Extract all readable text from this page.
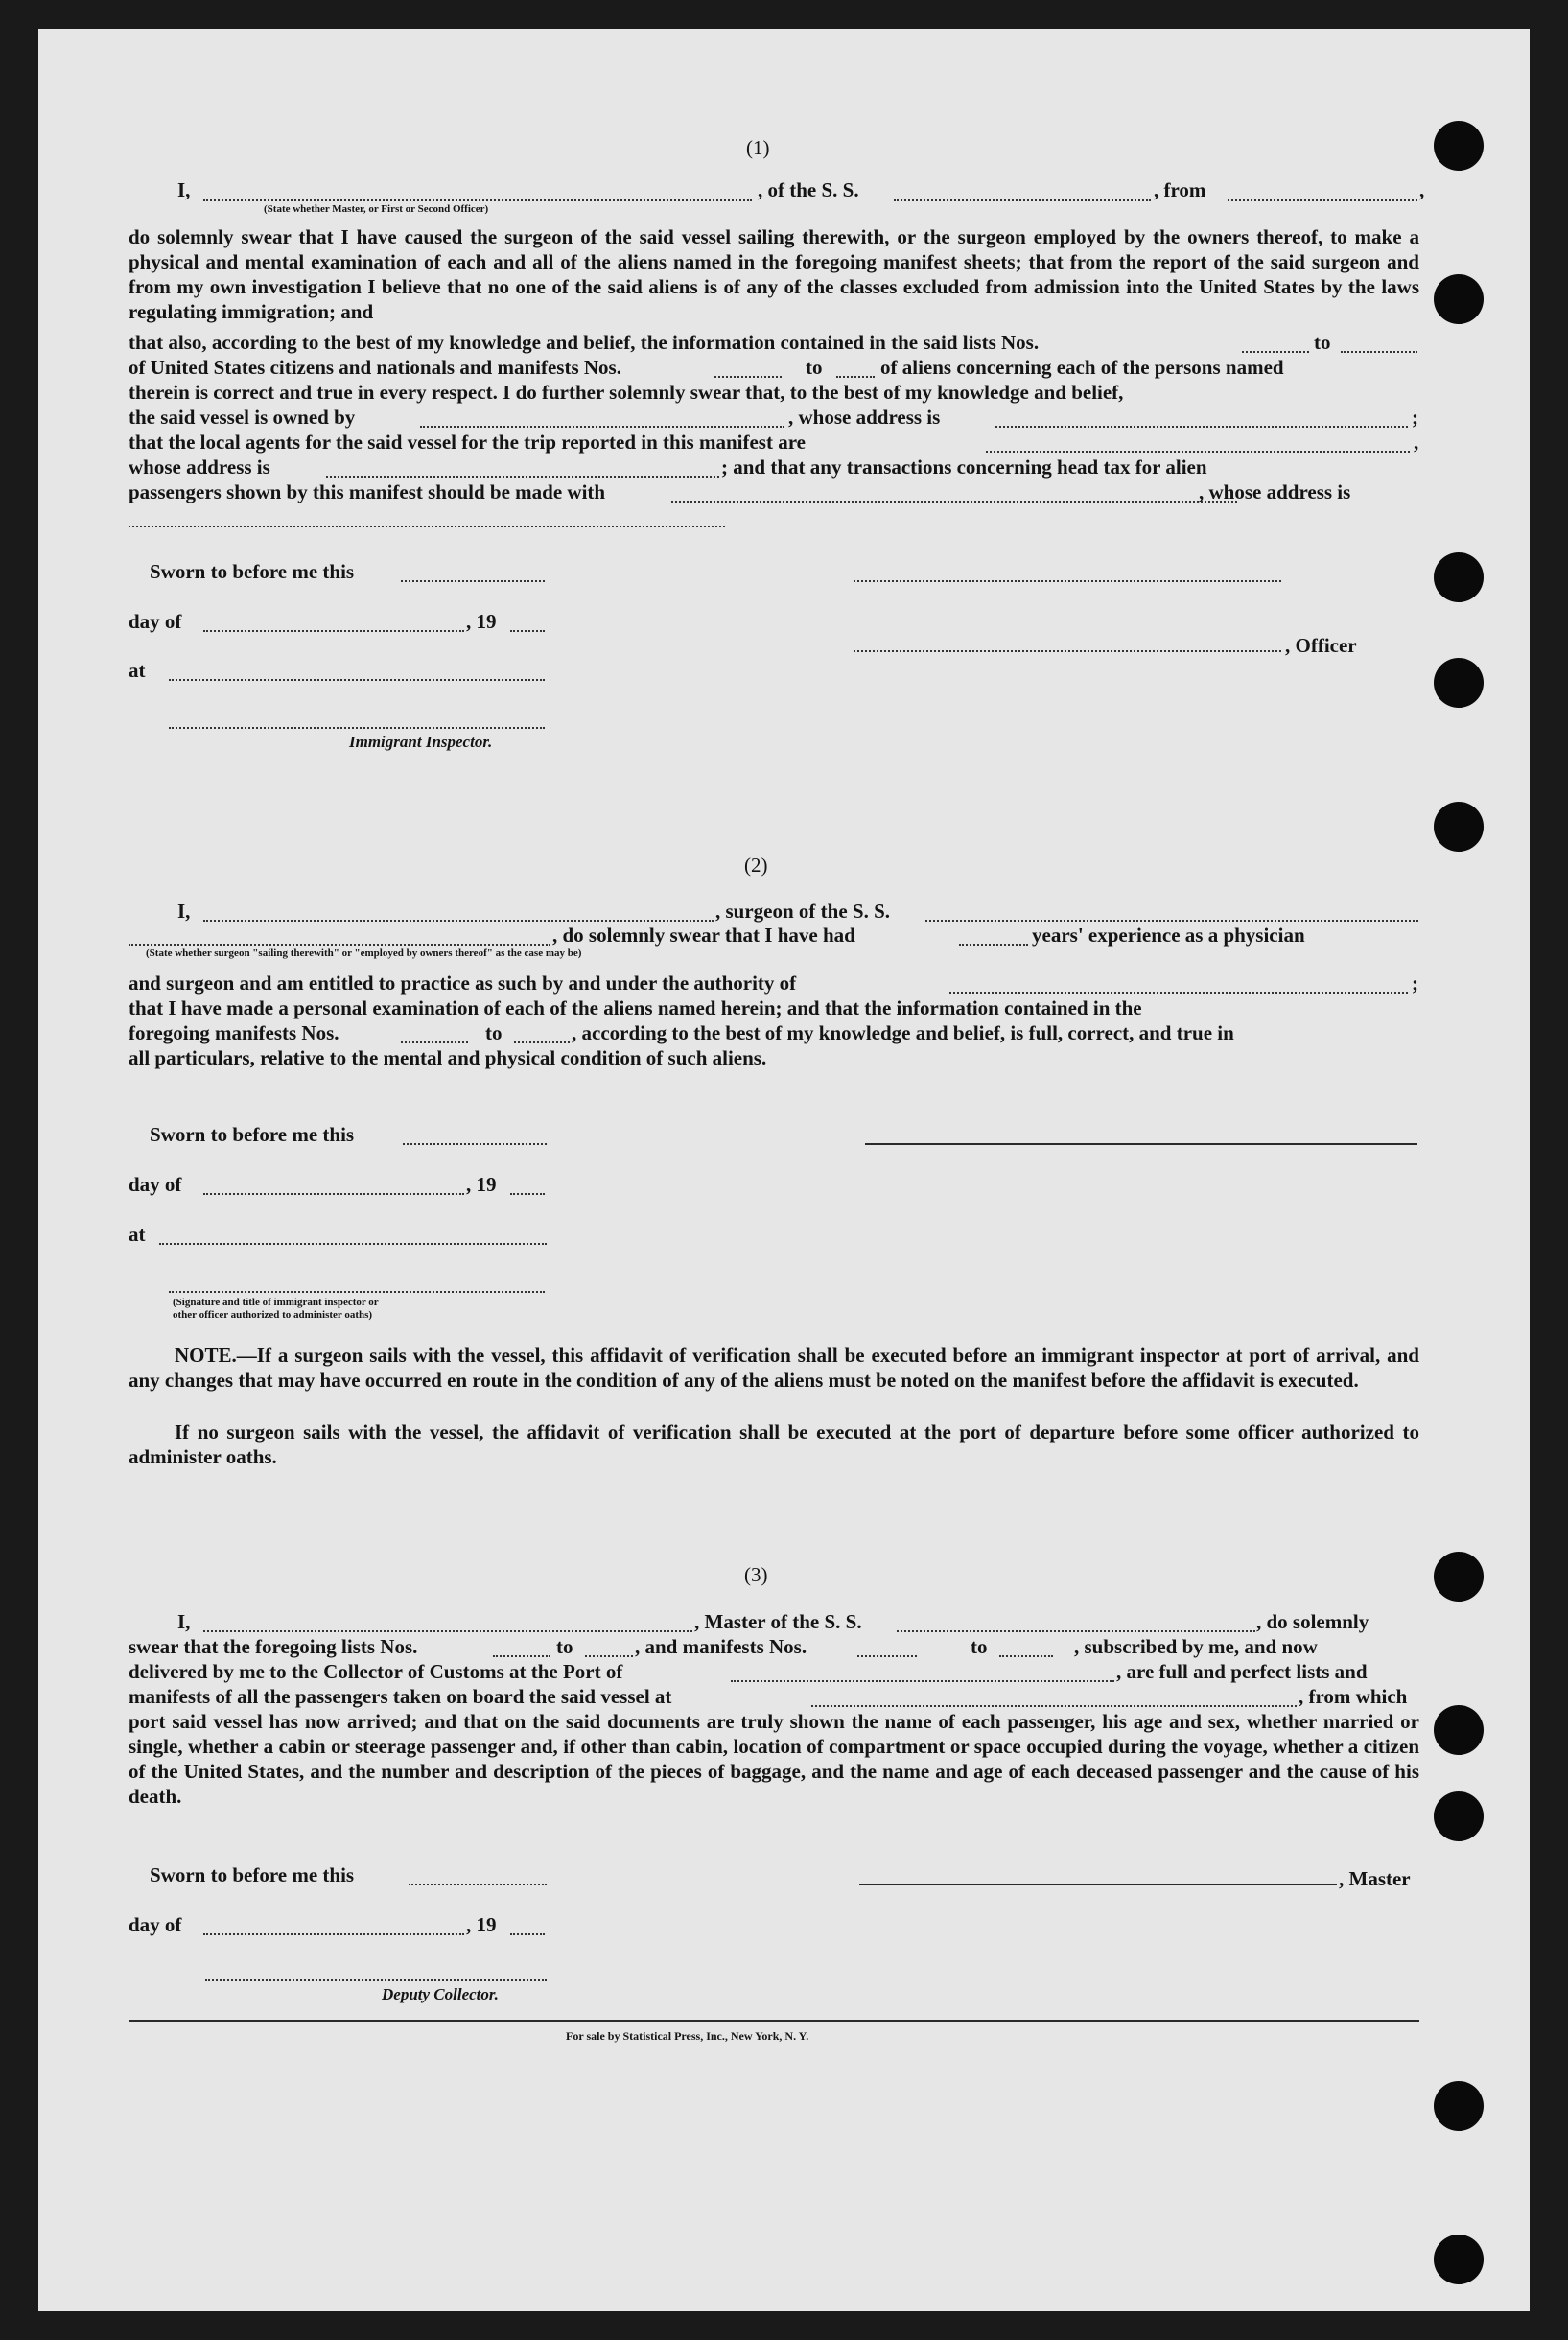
(1)
I,	, of the S. S.	, from	,
(State whether Master, or First or Second Officer)
do solemnly swear that I have caused the surgeon of the said vessel sailing therewith, or the surgeon employed by the owners thereof, to make a physical and mental examination of each and all of the aliens named in the foregoing manifest sheets; that from the report of the said surgeon and from my own investigation I believe that no one of the said aliens is of any of the classes excluded from admission into the United States by the laws regulating immigration; and
that also, according to the best of my knowledge and belief, the information contained in the said lists Nos.	to
of United States citizens and nationals and manifests Nos.	to	of aliens concerning each of the persons named
therein is correct and true in every respect. I do further solemnly swear that, to the best of my knowledge and belief,
the said vessel is owned by	, whose address is	;
that the local agents for the said vessel for the trip reported in this manifest are	,
whose address is	; and that any transactions concerning head tax for alien
passengers shown by this manifest should be made with	, whose address is
Sworn to before me this
day of	, 19
, Officer
at
Immigrant Inspector.
(2)
I,	, surgeon of the S. S.
, do solemnly swear that I have had	years' experience as a physician
(State whether surgeon "sailing therewith" or "employed by owners thereof" as the case may be)
and surgeon and am entitled to practice as such by and under the authority of	;
that I have made a personal examination of each of the aliens named herein; and that the information contained in the
foregoing manifests Nos.	to	, according to the best of my knowledge and belief, is full, correct, and true in
all particulars, relative to the mental and physical condition of such aliens.
Sworn to before me this
day of	, 19
at
(Signature and title of immigrant inspector or
other officer authorized to administer oaths)
NOTE.—If a surgeon sails with the vessel, this affidavit of verification shall be executed before an immigrant inspector at port of arrival, and any changes that may have occurred en route in the condition of any of the aliens must be noted on the manifest before the affidavit is executed.
If no surgeon sails with the vessel, the affidavit of verification shall be executed at the port of departure before some officer authorized to administer oaths.
(3)
I,	, Master of the S. S.	, do solemnly
swear that the foregoing lists Nos.	to	, and manifests Nos.	to	, subscribed by me, and now
delivered by me to the Collector of Customs at the Port of	, are full and perfect lists and
manifests of all the passengers taken on board the said vessel at	, from which
port said vessel has now arrived; and that on the said documents are truly shown the name of each passenger, his age and sex, whether married or single, whether a cabin or steerage passenger and, if other than cabin, location of compartment or space occupied during the voyage, whether a citizen of the United States, and the number and description of the pieces of baggage, and the name and age of each deceased passenger and the cause of his death.
Sworn to before me this	, Master
day of	, 19
Deputy Collector.
For sale by Statistical Press, Inc., New York, N. Y.
